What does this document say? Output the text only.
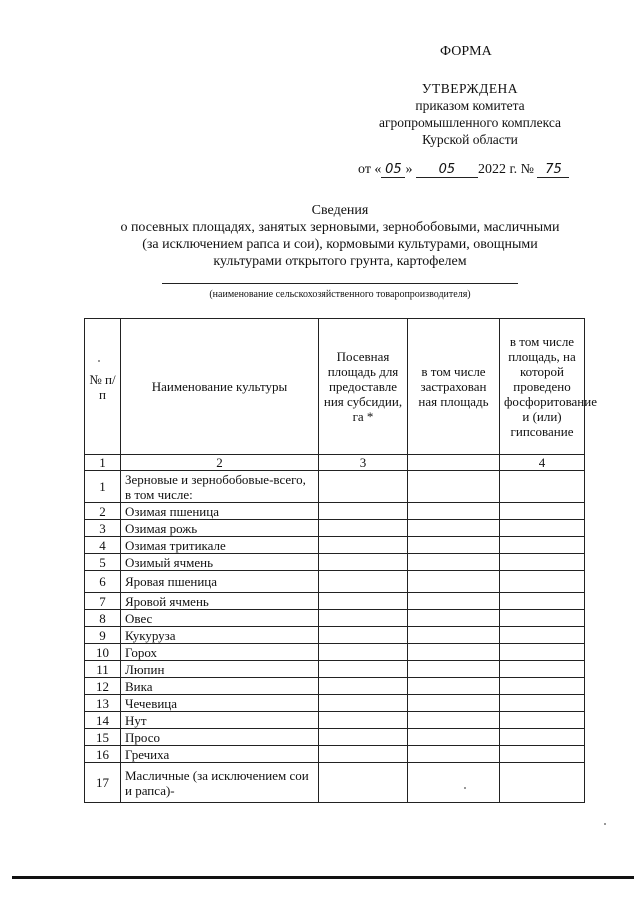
ФОРМА
УТВЕРЖДЕНА
приказом комитета
агропромышленного комплекса
Курской области
от « 05 » 05 2022 г. № 75
Сведения
о посевных площадях, занятых зерновыми, зернобобовыми, масличными
(за исключением рапса и сои), кормовыми культурами, овощными
культурами открытого грунта, картофелем
(наименование сельскохозяйственного товаропроизводителя)
№ п/п	Наименование культуры	Посевная площадь для предоставле ния субсидии, га *	в том числе застрахован ная площадь	в том числе площадь, на которой проведено фосфоритование и (или) гипсование
1	2	3		4
1	Зерновые и зернобобовые-всего, в том числе:			
2	Озимая пшеница			
3	Озимая рожь			
4	Озимая тритикале			
5	Озимый ячмень			
6	Яровая пшеница			
7	Яровой ячмень			
8	Овес			
9	Кукуруза			
10	Горох			
11	Люпин			
12	Вика			
13	Чечевица			
14	Нут			
15	Просо			
16	Гречиха			
17	Масличные (за исключением сои и рапса)-			
